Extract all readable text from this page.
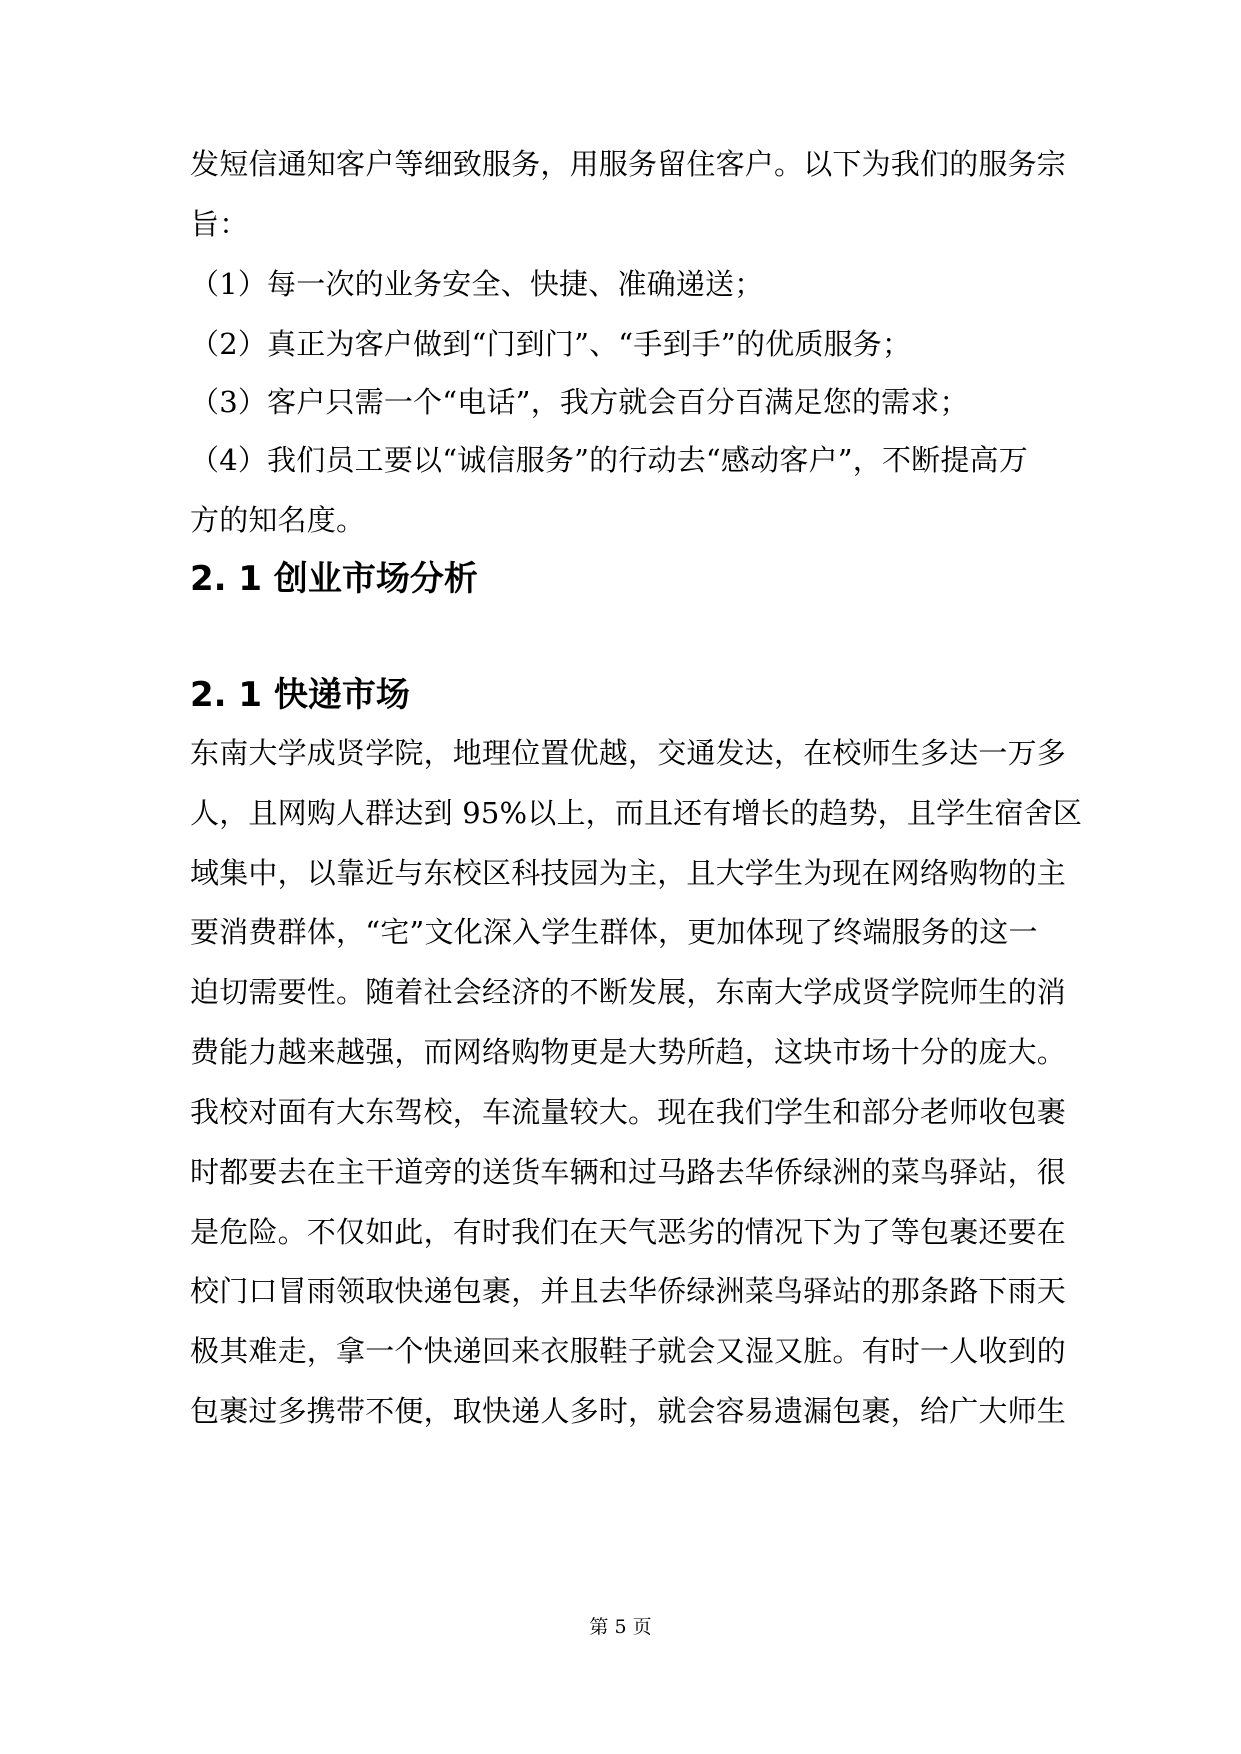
发短信通知客户等细致服务，用服务留住客户。以下为我们的服务宗
旨：
（1）每一次的业务安全、快捷、准确递送；
（2）真正为客户做到“门到门”、“手到手”的优质服务；
（3）客户只需一个“电话”，我方就会百分百满足您的需求；
（4）我们员工要以“诚信服务”的行动去“感动客户”，不断提高万
方的知名度。
2. 1 创业市场分析
2. 1 快递市场
东南大学成贤学院，地理位置优越，交通发达，在校师生多达一万多
人，且网购人群达到 95%以上，而且还有增长的趋势，且学生宿舍区
域集中，以靠近与东校区科技园为主，且大学生为现在网络购物的主
要消费群体，“宅”文化深入学生群体，更加体现了终端服务的这一
迫切需要性。随着社会经济的不断发展，东南大学成贤学院师生的消
费能力越来越强，而网络购物更是大势所趋，这块市场十分的庞大。
我校对面有大东驾校，车流量较大。现在我们学生和部分老师收包裹
时都要去在主干道旁的送货车辆和过马路去华侨绿洲的菜鸟驿站，很
是危险。不仅如此，有时我们在天气恶劣的情况下为了等包裹还要在
校门口冒雨领取快递包裹，并且去华侨绿洲菜鸟驿站的那条路下雨天
极其难走，拿一个快递回来衣服鞋子就会又湿又脏。有时一人收到的
包裹过多携带不便，取快递人多时，就会容易遗漏包裹，给广大师生
第 5 页
